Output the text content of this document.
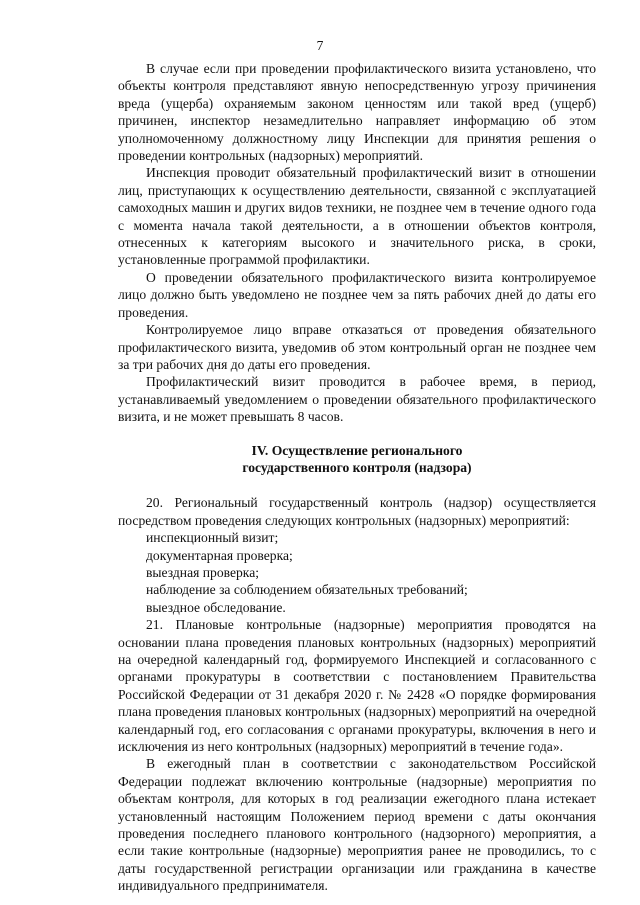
7

В случае если при проведении профилактического визита установлено, что объекты контроля представляют явную непосредственную угрозу причинения вреда (ущерба) охраняемым законом ценностям или такой вред (ущерб) причинен, инспектор незамедлительно направляет информацию об этом уполномоченному должностному лицу Инспекции для принятия решения о проведении контрольных (надзорных) мероприятий.

Инспекция проводит обязательный профилактический визит в отношении лиц, приступающих к осуществлению деятельности, связанной с эксплуатацией самоходных машин и других видов техники, не позднее чем в течение одного года с момента начала такой деятельности, а в отношении объектов контроля, отнесенных к категориям высокого и значительного риска, в сроки, установленные программой профилактики.

О проведении обязательного профилактического визита контролируемое лицо должно быть уведомлено не позднее чем за пять рабочих дней до даты его проведения.

Контролируемое лицо вправе отказаться от проведения обязательного профилактического визита, уведомив об этом контрольный орган не позднее чем за три рабочих дня до даты его проведения.

Профилактический визит проводится в рабочее время, в период, устанавливаемый уведомлением о проведении обязательного профилактического визита, и не может превышать 8 часов.

IV. Осуществление регионального
государственного контроля (надзора)

20. Региональный государственный контроль (надзор) осуществляется посредством проведения следующих контрольных (надзорных) мероприятий:

инспекционный визит;
документарная проверка;
выездная проверка;
наблюдение за соблюдением обязательных требований;
выездное обследование.

21. Плановые контрольные (надзорные) мероприятия проводятся на основании плана проведения плановых контрольных (надзорных) мероприятий на очередной календарный год, формируемого Инспекцией и согласованного с органами прокуратуры в соответствии с постановлением Правительства Российской Федерации от 31 декабря 2020 г. № 2428 «О порядке формирования плана проведения плановых контрольных (надзорных) мероприятий на очередной календарный год, его согласования с органами прокуратуры, включения в него и исключения из него контрольных (надзорных) мероприятий в течение года».

В ежегодный план в соответствии с законодательством Российской Федерации подлежат включению контрольные (надзорные) мероприятия по объектам контроля, для которых в год реализации ежегодного плана истекает установленный настоящим Положением период времени с даты окончания проведения последнего планового контрольного (надзорного) мероприятия, а если такие контрольные (надзорные) мероприятия ранее не проводились, то с даты государственной регистрации организации или гражданина в качестве индивидуального предпринимателя.
